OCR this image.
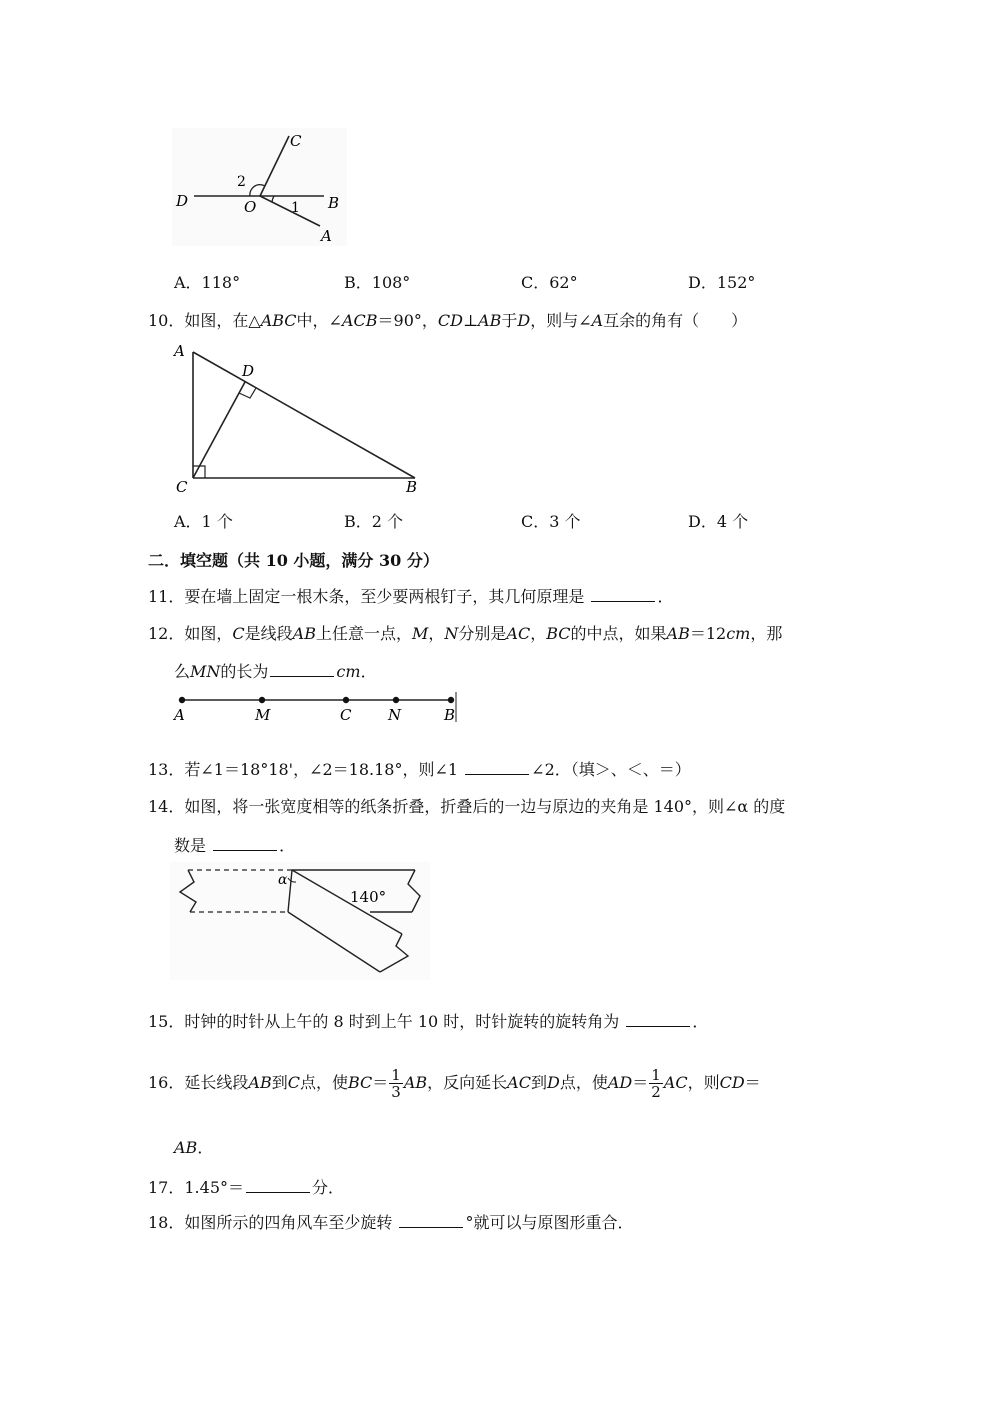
C
D	O	B
A
1
2
A．118°	B．108°	C．62°	D．152°
10．如图，在△ABC中，∠ACB＝90°，CD⊥AB于D，则与∠A互余的角有（　　）
A
D
C	B
A．1 个	B．2 个	C．3 个	D．4 个
二．填空题（共 10 小题，满分 30 分）
11．要在墙上固定一根木条，至少要两根钉子，其几何原理是	．
12．如图，C是线段AB上任意一点，M，N分别是AC，BC的中点，如果AB＝12cm，那
么MN的长为	cm．
A	M	C N	B
13．若∠1＝18°18'，∠2＝18.18°，则∠1	∠2．（填＞、＜、＝）
14．如图，将一张宽度相等的纸条折叠，折叠后的一边与原边的夹角是 140°，则∠α 的度
数是	．
α
140°
15．时钟的时针从上午的 8 时到上午 10 时，时针旋转的旋转角为	．
16．延长线段AB到C点，使$BC= \frac{1}{3}$ AB，反向延长AC到D点，使$AD= \frac{1}{2}$ AC，则CD＝
AB．
17．1.45°＝	分．
18．如图所示的四角风车至少旋转	°就可以与原图形重合．
